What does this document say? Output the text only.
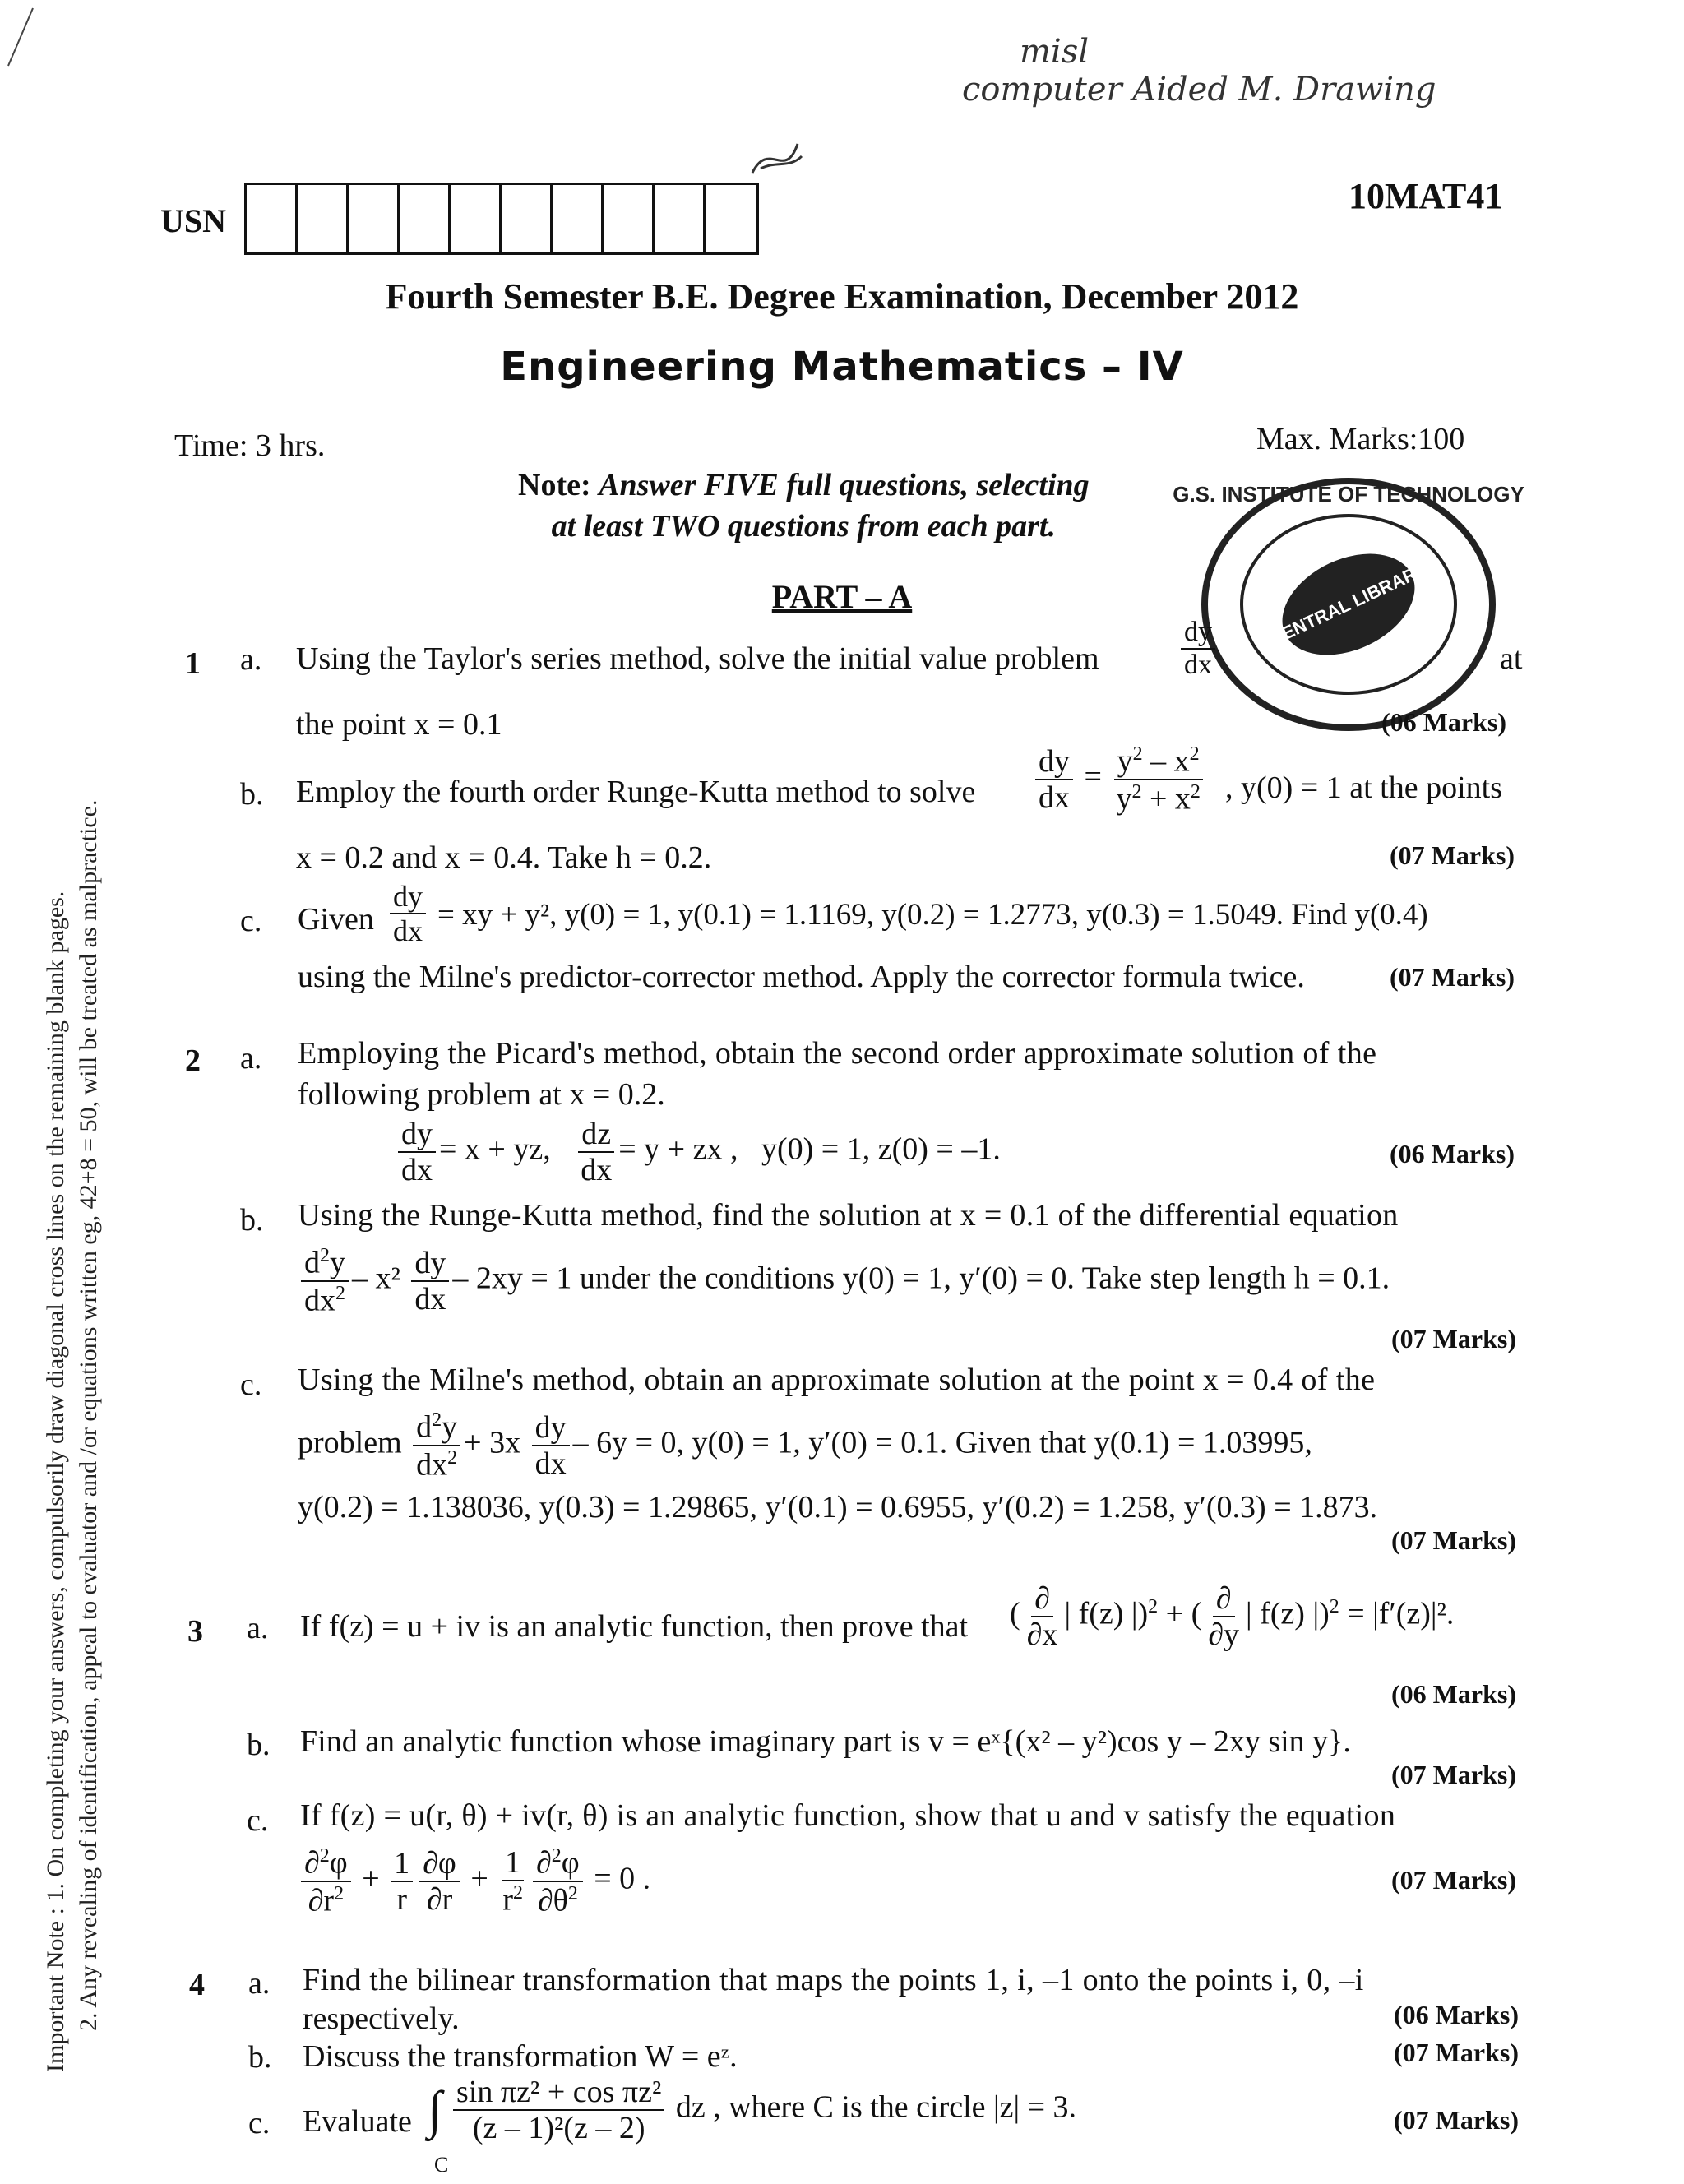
misl
computer Aided M. Drawing
USN
10MAT41
Fourth Semester B.E. Degree Examination, December 2012
Engineering Mathematics – IV
Time: 3 hrs.	Max. Marks:100
Note: Answer FIVE full questions, selecting
at least TWO questions from each part.
PART – A
G.S. INSTITUTE OF TECHNOLOGY
CENTRAL LIBRARY
Important Note : 1. On completing your answers, compulsorily draw diagonal cross lines on the remaining blank pages. 2. Any revealing of identification, appeal to evaluator and /or equations written eg, 42+8 = 50, will be treated as malpractice.
1 a. Using the Taylor's series method, solve the initial value problem	$\frac{dy}{dx}$	at
the point x = 0.1	(06 Marks)
b. Employ the fourth order Runge-Kutta method to solve $\frac{dy}{dx} = \frac{y^2 - x^2}{y^2 + x^2}$ , y(0) = 1 at the points
x = 0.2 and x = 0.4. Take h = 0.2.	(07 Marks)
c. Given $\frac{dy}{dx}$ = xy + y², y(0) = 1, y(0.1) = 1.1169, y(0.2) = 1.2773, y(0.3) = 1.5049. Find y(0.4)
using the Milne's predictor-corrector method. Apply the corrector formula twice.	(07 Marks)
2 a. Employing the Picard's method, obtain the second order approximate solution of the
following problem at x = 0.2.
$\frac{dy}{dx} = x$ + yz, $\frac{dz}{dx} = y$ + zx , y(0) = 1, z(0) = –1.	(06 Marks)
b. Using the Runge-Kutta method, find the solution at x = 0.1 of the differential equation
$\frac{d^2y}{dx^2} - x^2 \frac{dy}{dx} - 2xy = 1$ under the conditions y(0) = 1, y′(0) = 0. Take step length h = 0.1.
(07 Marks)
c. Using the Milne's method, obtain an approximate solution at the point x = 0.4 of the
problem $\frac{d^2y}{dx^2} + 3x \frac{dy}{dx} - 6y = 0$, y(0) = 1, y′(0) = 0.1. Given that y(0.1) = 1.03995,
y(0.2) = 1.138036, y(0.3) = 1.29865, y′(0.1) = 0.6955, y′(0.2) = 1.258, y′(0.3) = 1.873.
(07 Marks)
3 a. If f(z) = u + iv is an analytic function, then prove that ( $\frac{\partial}{\partial x}$ | f(z) |)$^2$ + ( $\frac{\partial}{\partial y}$ | f(z) |)$^2$ = |f′(z)|².
(06 Marks)
b. Find an analytic function whose imaginary part is v = eˣ{(x² – y²)cos y – 2xy sin y}.
(07 Marks)
c. If f(z) = u(r, θ) + iv(r, θ) is an analytic function, show that u and v satisfy the equation
$\frac{\partial^2\varphi}{\partial r^2} + \frac{1}{r} \frac{\partial\varphi}{\partial r} + \frac{1}{r^2} \frac{\partial^2\varphi}{\partial\theta^2} = 0$ .	(07 Marks)
4 a. Find the bilinear transformation that maps the points 1, i, –1 onto the points i, 0, –i
respectively.	(06 Marks)
b. Discuss the transformation W = eᶻ.	(07 Marks)
c. Evaluate ∫ $\frac{\text{sin πz² + cos πz²}}{\text{(z – 1)²(z – 2)}}$ dz , where C is the circle |z| = 3.
C
(07 Marks)
